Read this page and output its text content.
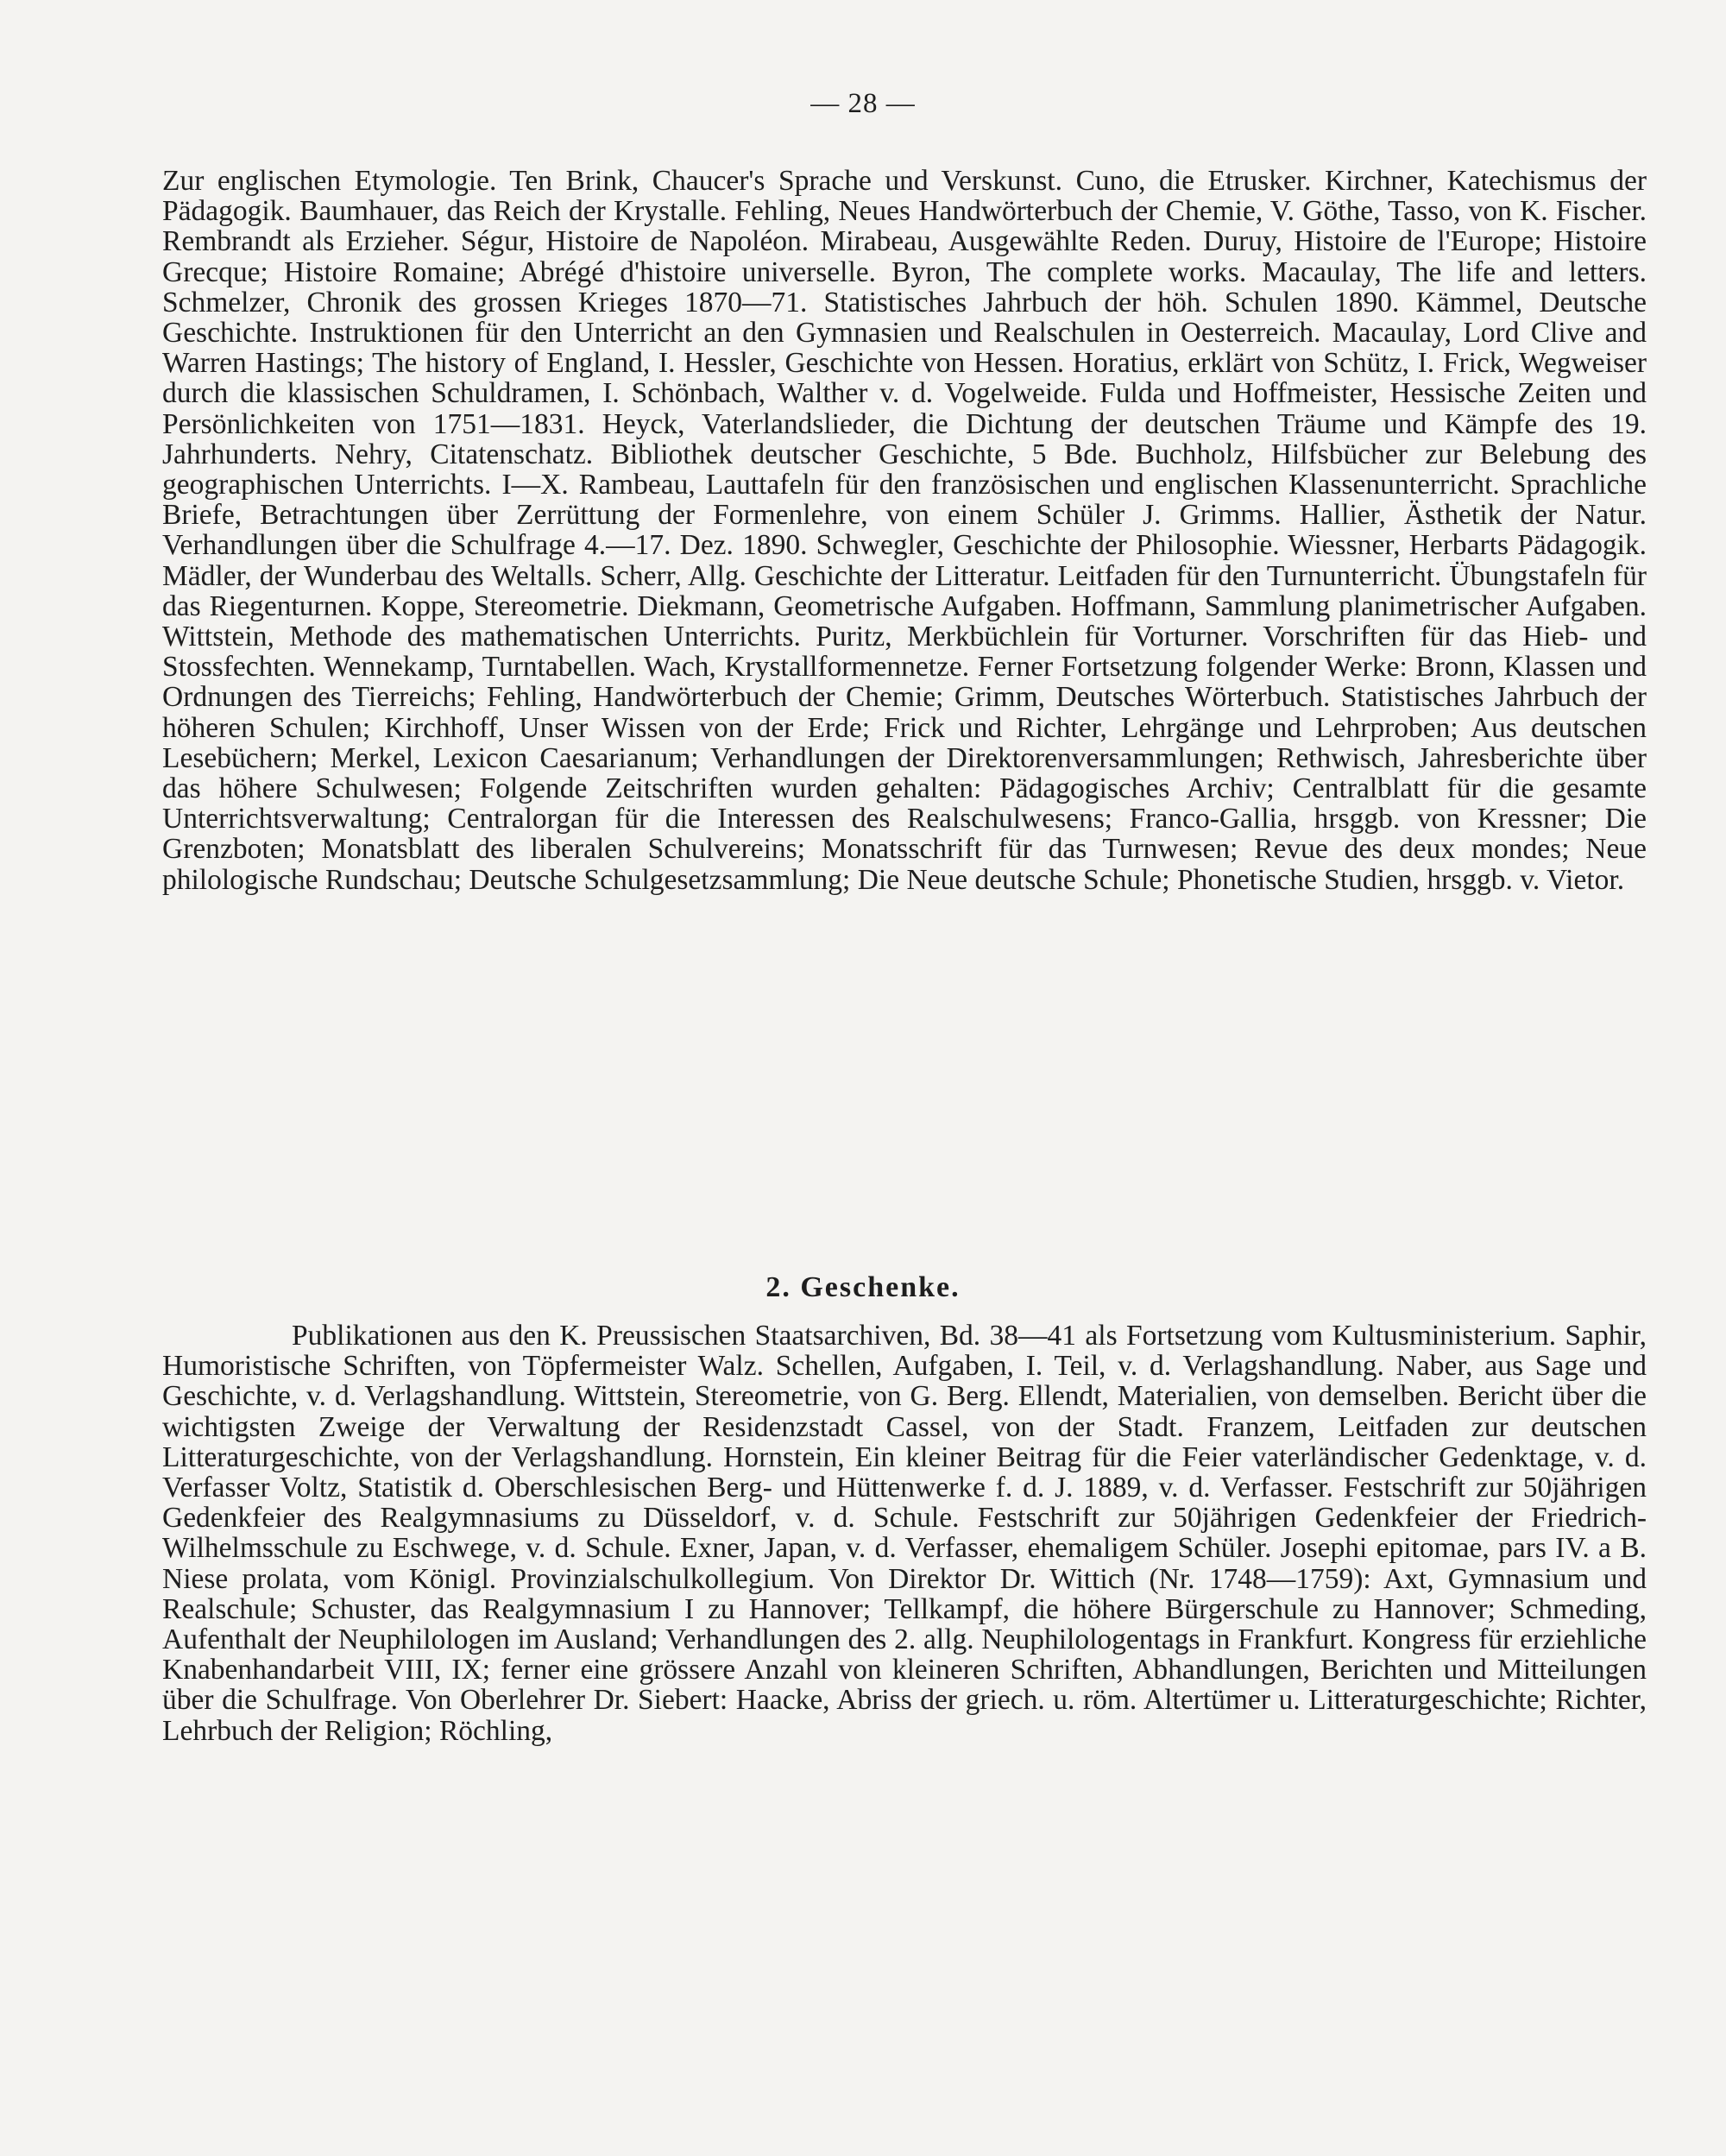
— 28 —

Zur englischen Etymologie. Ten Brink, Chaucer's Sprache und Verskunst. Cuno, die Etrusker. Kirchner, Katechismus der Pädagogik. Baumhauer, das Reich der Krystalle. Fehling, Neues Handwörterbuch der Chemie, V. Göthe, Tasso, von K. Fischer. Rembrandt als Erzieher. Ségur, Histoire de Napoléon. Mirabeau, Ausgewählte Reden. Duruy, Histoire de l'Europe; Histoire Grecque; Histoire Romaine; Abrégé d'histoire universelle. Byron, The complete works. Macaulay, The life and letters. Schmelzer, Chronik des grossen Krieges 1870—71. Statistisches Jahrbuch der höh. Schulen 1890. Kämmel, Deutsche Geschichte. Instruktionen für den Unterricht an den Gymnasien und Realschulen in Oesterreich. Macaulay, Lord Clive and Warren Hastings; The history of England, I. Hessler, Geschichte von Hessen. Horatius, erklärt von Schütz, I. Frick, Wegweiser durch die klassischen Schuldramen, I. Schönbach, Walther v. d. Vogelweide. Fulda und Hoffmeister, Hessische Zeiten und Persönlichkeiten von 1751—1831. Heyck, Vaterlandslieder, die Dichtung der deutschen Träume und Kämpfe des 19. Jahrhunderts. Nehry, Citatenschatz. Bibliothek deutscher Geschichte, 5 Bde. Buchholz, Hilfsbücher zur Belebung des geographischen Unterrichts. I—X. Rambeau, Lauttafeln für den französischen und englischen Klassenunterricht. Sprachliche Briefe, Betrachtungen über Zerrüttung der Formenlehre, von einem Schüler J. Grimms. Hallier, Ästhetik der Natur. Verhandlungen über die Schulfrage 4.—17. Dez. 1890. Schwegler, Geschichte der Philosophie. Wiessner, Herbarts Pädagogik. Mädler, der Wunderbau des Weltalls. Scherr, Allg. Geschichte der Litteratur. Leitfaden für den Turnunterricht. Übungstafeln für das Riegenturnen. Koppe, Stereometrie. Diekmann, Geometrische Aufgaben. Hoffmann, Sammlung planimetrischer Aufgaben. Wittstein, Methode des mathematischen Unterrichts. Puritz, Merkbüchlein für Vorturner. Vorschriften für das Hieb- und Stossfechten. Wennekamp, Turntabellen. Wach, Krystallformennetze. Ferner Fortsetzung folgender Werke: Bronn, Klassen und Ordnungen des Tierreichs; Fehling, Handwörterbuch der Chemie; Grimm, Deutsches Wörterbuch. Statistisches Jahrbuch der höheren Schulen; Kirchhoff, Unser Wissen von der Erde; Frick und Richter, Lehrgänge und Lehrproben; Aus deutschen Lesebüchern; Merkel, Lexicon Caesarianum; Verhandlungen der Direktorenversammlungen; Rethwisch, Jahresberichte über das höhere Schulwesen; Folgende Zeitschriften wurden gehalten: Pädagogisches Archiv; Centralblatt für die gesamte Unterrichtsverwaltung; Centralorgan für die Interessen des Realschulwesens; Franco-Gallia, hrsggb. von Kressner; Die Grenzboten; Monatsblatt des liberalen Schulvereins; Monatsschrift für das Turnwesen; Revue des deux mondes; Neue philologische Rundschau; Deutsche Schulgesetzsammlung; Die Neue deutsche Schule; Phonetische Studien, hrsggb. v. Vietor.

2. Geschenke.

Publikationen aus den K. Preussischen Staatsarchiven, Bd. 38—41 als Fortsetzung vom Kultusministerium. Saphir, Humoristische Schriften, von Töpfermeister Walz. Schellen, Aufgaben, I. Teil, v. d. Verlagshandlung. Naber, aus Sage und Geschichte, v. d. Verlagshandlung. Wittstein, Stereometrie, von G. Berg. Ellendt, Materialien, von demselben. Bericht über die wichtigsten Zweige der Verwaltung der Residenzstadt Cassel, von der Stadt. Franzem, Leitfaden zur deutschen Litteraturgeschichte, von der Verlagshandlung. Hornstein, Ein kleiner Beitrag für die Feier vaterländischer Gedenktage, v. d. Verfasser Voltz, Statistik d. Oberschlesischen Berg- und Hüttenwerke f. d. J. 1889, v. d. Verfasser. Festschrift zur 50jährigen Gedenkfeier des Realgymnasiums zu Düsseldorf, v. d. Schule. Festschrift zur 50jährigen Gedenkfeier der Friedrich-Wilhelmsschule zu Eschwege, v. d. Schule. Exner, Japan, v. d. Verfasser, ehemaligem Schüler. Josephi epitomae, pars IV. a B. Niese prolata, vom Königl. Provinzialschulkollegium. Von Direktor Dr. Wittich (Nr. 1748—1759): Axt, Gymnasium und Realschule; Schuster, das Realgymnasium I zu Hannover; Tellkampf, die höhere Bürgerschule zu Hannover; Schmeding, Aufenthalt der Neuphilologen im Ausland; Verhandlungen des 2. allg. Neuphilologentags in Frankfurt. Kongress für erziehliche Knabenhandarbeit VIII, IX; ferner eine grössere Anzahl von kleineren Schriften, Abhandlungen, Berichten und Mitteilungen über die Schulfrage. Von Oberlehrer Dr. Siebert: Haacke, Abriss der griech. u. röm. Altertümer u. Litteraturgeschichte; Richter, Lehrbuch der Religion; Röchling,
